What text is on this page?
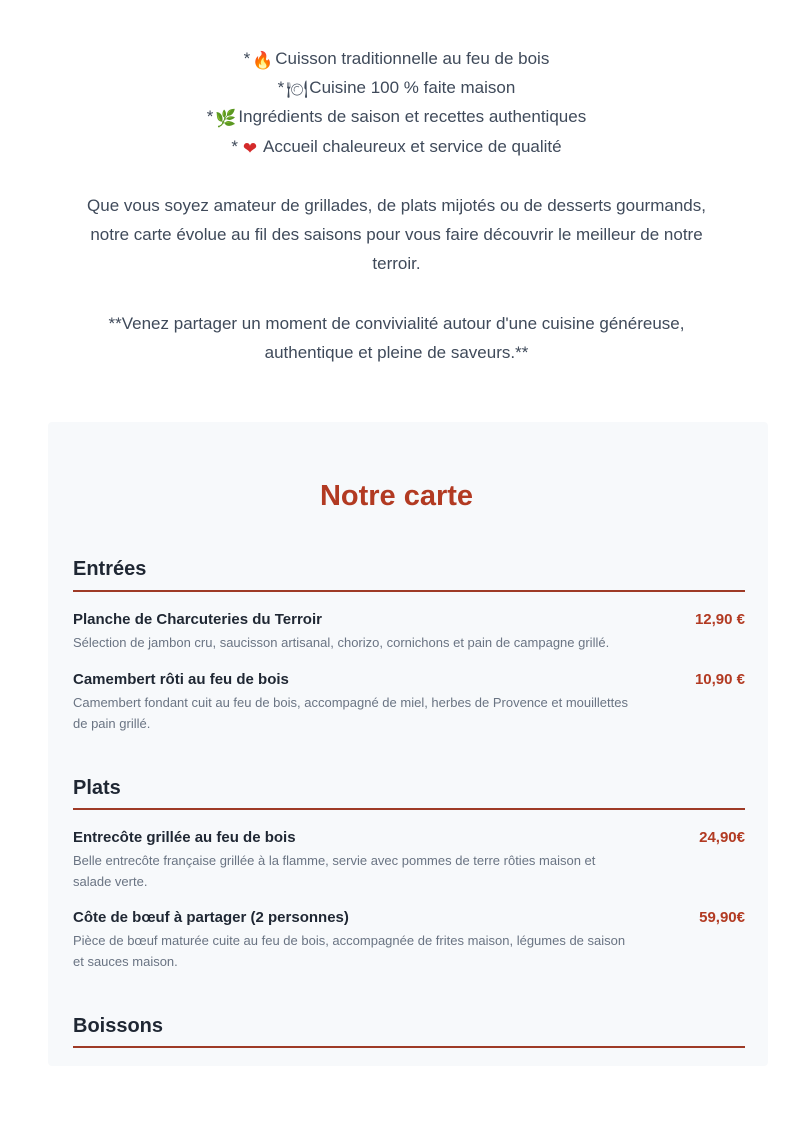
* 🔥 Cuisson traditionnelle au feu de bois
* 🍽Cuisine 100 % faite maison
* 🌿 Ingrédients de saison et recettes authentiques
* ❤ Accueil chaleureux et service de qualité
Que vous soyez amateur de grillades, de plats mijotés ou de desserts gourmands,
notre carte évolue au fil des saisons pour vous faire découvrir le meilleur de notre
terroir.
**Venez partager un moment de convivialité autour d'une cuisine généreuse,
authentique et pleine de saveurs.**
Notre carte
Entrées
Planche de Charcuteries du Terroir	12,90 €
Sélection de jambon cru, saucisson artisanal, chorizo, cornichons et pain de campagne grillé.
Camembert rôti au feu de bois	10,90 €
Camembert fondant cuit au feu de bois, accompagné de miel, herbes de Provence et mouillettes
de pain grillé.
Plats
Entrecôte grillée au feu de bois	24,90€
Belle entrecôte française grillée à la flamme, servie avec pommes de terre rôties maison et
salade verte.
Côte de bœuf à partager (2 personnes)	59,90€
Pièce de bœuf maturée cuite au feu de bois, accompagnée de frites maison, légumes de saison
et sauces maison.
Boissons
